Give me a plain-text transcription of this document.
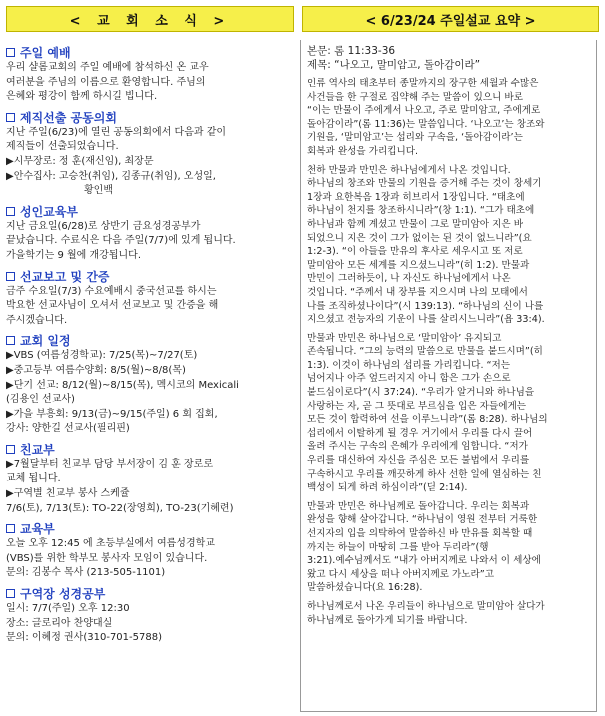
< 교 회 소 식 >	< 6/23/24 주일설교 요약 >
주일 예배
우리 샬롬교회의 주일 예배에 참석하신 온 교우
여러분을 주님의 이름으로 환영합니다. 주님의
은혜와 평강이 함께 하시길 빕니다.
제직선출 공동의회
지난 주일(6/23)에 열린 공동의회에서 다음과 같이
제직들이 선출되었습니다.
▶시무장로: 정 훈(재신임), 최장문
▶안수집사: 고승찬(취임), 김종규(취임), 오성일,
황인백
성인교육부
지난 금요일(6/28)로 상반기 금요성경공부가
끝났습니다. 수료식은 다음 주일(7/7)에 있게 됩니다.
가을학기는 9 월에 개강됩니다.
선교보고 및 간증
금주 수요일(7/3) 수요예배시 중국선교를 하시는
박요한 선교사님이 오셔서 선교보고 및 간증을 해
주시겠습니다.
교회 일정
▶VBS (여름성경학교): 7/25(목)~7/27(토)
▶중고등부 여름수양회: 8/5(월)~8/8(목)
▶단기 선교: 8/12(월)~8/15(목), 멕시코의 Mexicali
(김용인 선교사)
▶가을 부흥회: 9/13(금)~9/15(주일) 6 회 집회,
강사: 양한길 선교사(필리핀)
친교부
▶7월달부터 친교부 담당 부서장이 김 훈 장로로
교체 됩니다.
▶구역별 친교부 봉사 스케쥴
7/6(토), 7/13(토): TO-22(장영희), TO-23(기혜련)
교육부
오늘 오후 12:45 에 초등부실에서 여름성경학교
(VBS)를 위한 학부모 봉사자 모임이 있습니다.
문의: 김봉수 목사 (213-505-1101)
구역장 성경공부
일시: 7/7(주일) 오후 12:30
장소: 글로리아 찬양대실
문의: 이혜정 권사(310-701-5788)
본문: 롬 11:33-36
제목: “나오고, 말미암고, 돌아감이라”
인류 역사의 태초부터 종말까지의 장구한 세월과 수많은
사건들을 한 구절로 집약해 주는 말씀이 있으니 바로
“이는 만물이 주에게서 나오고, 주로 말미암고, 주에게로
돌아감이라”(롬 11:36)는 말씀입니다. ‘나오고’는 창조와
기원을, ‘말미암고’는 섭리와 구속을, ‘돌아감이라’는
회복과 완성을 가리킵니다.
천하 만물과 만민은 하나님에게서 나온 것입니다.
하나님의 창조와 만물의 기원을 증거해 주는 것이 창세기
1장과 요한복음 1장과 히브리서 1장입니다. “태초에
하나님이 천지를 창조하시니라”(창 1:1). “그가 태초에
하나님과 함께 계셨고 만물이 그로 말미암아 지은 바
되었으니 지은 것이 그가 없이는 된 것이 없느니라”(요
1:2-3). “이 아들을 만유의 후사로 세우시고 또 저로
말미암아 모든 세계를 지으셨느니라”(히 1:2). 만물과
만민이 그러하듯이, 나 자신도 하나님에게서 나온
것입니다. “주께서 내 장부를 지으시며 나의 모태에서
나를 조직하셨나이다”(시 139:13). “하나님의 신이 나를
지으셨고 전능자의 기운이 나를 살리시느니라”(욥 33:4).
만물과 만민은 하나님으로 ‘말미암아’ 유지되고
존속됩니다. “그의 능력의 말씀으로 만물을 붙드시며”(히
1:3). 이것이 하나님의 섭리를 가리킵니다. “저는
넘어지나 아주 엎드러지지 아니 함은 그가 손으로
붙드심이로다”(시 37:24). “우리가 알거니와 하나님을
사랑하는 자, 곧 그 뜻대로 부르심을 입은 자들에게는
모든 것이 합력하여 선을 이루느니라”(롬 8:28). 하나님의
섭리에서 이탈하게 될 경우 거기에서 우리를 다시 끌어
올려 주시는 구속의 은혜가 우리에게 임합니다. “저가
우리를 대신하여 자신을 주심은 모든 불법에서 우리를
구속하시고 우리를 깨끗하게 하사 선한 일에 열심하는 친
백성이 되게 하려 하심이라”(딛 2:14).
만물과 만민은 하나님께로 돌아갑니다. 우리는 회복과
완성을 향해 살아갑니다. “하나님이 영원 전부터 거룩한
선지자의 입을 의탁하여 말씀하신 바 만유를 회복할 때
까지는 하늘이 마땅히 그를 받아 두리라”(행
3:21).예수님께서도 “내가 아버지께로 나와서 이 세상에
왔고 다시 세상을 떠나 아버지께로 가노라”고
말씀하셨습니다(요 16:28).
하나님께로서 나온 우리들이 하나님으로 말미암아 살다가
하나님께로 돌아가게 되기를 바랍니다.
